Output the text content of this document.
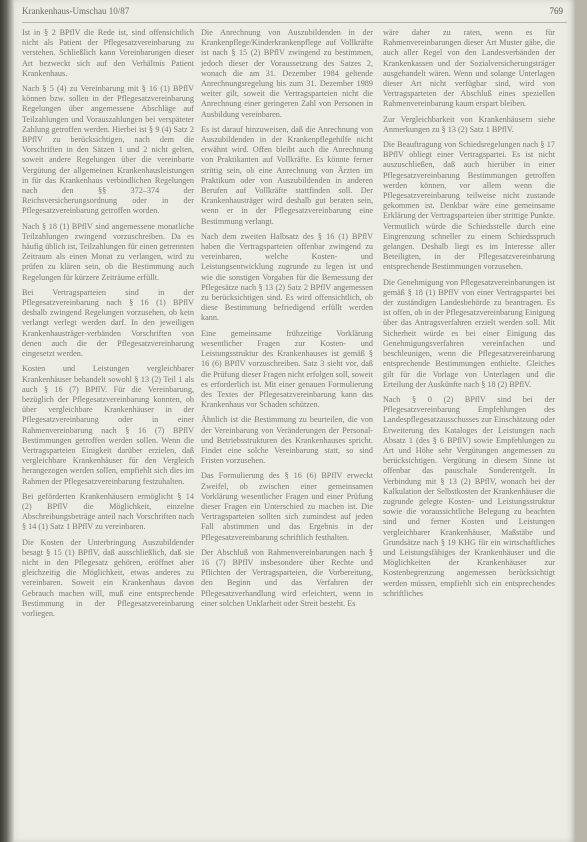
Krankenhaus-Umschau 10/87	769

Ist in § 2 BPflV die Rede ist, sind offensichtlich nicht als Patient der Pflegesatzvereinbarung zu verstehen. Schließlich kann Vereinbarungen dieser Art bezweckt sich auf den Verhältnis Patient Krankenhaus.

Nach § 5 (4) zu Vereinbarung mit § 16 (1) BPflV können bzw. sollen in der Pflegesatzvereinbarung Regelungen über angemessene Abschläge auf Teilzahlungen und Vorauszahlungen bei verspäteter Zahlung getroffen werden. Hierbei ist § 9 (4) Satz 2 BPflV zu berücksichtigen, nach dem die Vorschriften in den Sätzen 1 und 2 nicht gelten, soweit andere Regelungen über die vereinbarte Vergütung der allgemeinen Krankenhausleistungen in für das Krankenhaus verbindlichen Regelungen nach den §§ 372–374 der Reichsversicherungsordnung oder in der Pflegesatzvereinbarung getroffen worden.

Nach § 18 (1) BPflV sind angemessene monatliche Teilzahlungen zwingend vorzuschreiben. Da es häufig üblich ist, Teilzahlungen für einen getrennten Zeitraum als einen Monat zu verlangen, wird zu prüfen zu klären sein, ob die Bestimmung auch Regelungen für kürzere Zeiträume erfüllt.

Bei Vertragsparteien sind in der Pflegesatzvereinbarung nach § 16 (1) BPflV deshalb zwingend Regelungen vorzusehen, ob kein verlangt verlegt werden darf. In den jeweiligen Krankenhausträger-verbänden Vorschriften von denen auch die der Pflegesatzvereinbarung eingesetzt werden.

Kosten und Leistungen vergleichbarer Krankenhäuser behandelt sowohl § 13 (2) Teil 1 als auch § 16 (7) BPflV. Für die Vereinbarung, bezüglich der Pflegesatzvereinbarung konnten, ob über vergleichbare Krankenhäuser in der Pflegesatzvereinbarung oder in einer Rahmenvereinbarung nach § 16 (7) BPflV Bestimmungen getroffen werden sollen. Wenn die Vertragsparteien Einigkeit darüber erzielen, daß vergleichbare Krankenhäuser für den Vergleich herangezogen werden sollen, empfiehlt sich dies im Rahmen der Pflegesatzvereinbarung festzuhalten.

Bei geförderten Krankenhäusern ermöglicht § 14 (2) BPflV die Möglichkeit, einzelne Abschreibungsbeträge anteil nach Vorschriften nach § 14 (1) Satz 1 BPflV zu vereinbaren.

Die Kosten der Unterbringung Auszubildender besagt § 15 (1) BPflV, daß ausschließlich, daß sie nicht in den Pflegesatz gehören, eröffnet aber gleichzeitig die Möglichkeit, etwas anderes zu vereinbaren. Soweit ein Krankenhaus davon Gebrauch machen will, muß eine entsprechende Bestimmung in der Pflegesatzvereinbarung vorliegen.

Die Anrechnung von Auszubildenden in der Krankenpflege/Kinderkrankenpflege auf Vollkräfte ist nach § 15 (2) BPflV zwingend zu bestimmen, jedoch dieser der Voraussetzung des Satzes 2, wonach die am 31. Dezember 1984 geltende Anrechnungsregelung bis zum 31. Dezember 1989 weiter gilt, soweit die Vertragsparteien nicht die Anrechnung einer geringeren Zahl von Personen in Ausbildung vereinbaren.

Es ist darauf hinzuweisen, daß die Anrechnung von Auszubildenden in der Krankenpflegehilfe nicht erwähnt wird. Offen bleibt auch die Anrechnung von Praktikanten auf Vollkräfte. Es könnte ferner strittig sein, ob eine Anrechnung von Ärzten im Praktikum oder von Auszubildenden in anderen Berufen auf Vollkräfte stattfinden soll. Der Krankenhausträger wird deshalb gut beraten sein, wenn er in der Pflegesatzvereinbarung eine Bestimmung verlangt.

Nach dem zweiten Halbsatz des § 16 (1) BPflV haben die Vertragsparteien offenbar zwingend zu vereinbaren, welche Kosten- und Leistungsentwicklung zugrunde zu legen ist und wie die sonstigen Vorgaben für die Bemessung der Pflegesätze nach § 13 (2) Satz 2 BPflV angemessen zu berücksichtigen sind. Es wird offensichtlich, ob diese Bestimmung befriedigend erfüllt werden kann.

Eine gemeinsame frühzeitige Vorklärung wesentlicher Fragen zur Kosten- und Leistungsstruktur des Krankenhauses ist gemäß § 16 (6) BPflV vorzuschreiben. Satz 3 sieht vor, daß die Prüfung dieser Fragen nicht erfolgen soll, soweit es erforderlich ist. Mit einer genauen Formulierung des Textes der Pflegesatzvereinbarung kann das Krankenhaus vor Schaden schützen.

Ähnlich ist die Bestimmung zu beurteilen, die von der Vereinbarung von Veränderungen der Personal- und Betriebsstrukturen des Krankenhauses spricht. Findet eine solche Vereinbarung statt, so sind Fristen vorzusehen.

Das Formulierung des § 16 (6) BPflV erweckt Zweifel, ob zwischen einer gemeinsamen Vorklärung wesentlicher Fragen und einer Prüfung dieser Fragen ein Unterschied zu machen ist. Die Vertragsparteien sollten sich zumindest auf jeden Fall abstimmen und das Ergebnis in der Pflegesatzvereinbarung schriftlich festhalten.

Der Abschluß von Rahmenvereinbarungen nach § 16 (7) BPflV insbesondere über Rechte und Pflichten der Vertragsparteien, die Vorbereitung, den Beginn und das Verfahren der Pflegesatzverhandlung wird erleichtert, wenn in einer solchen Unklarheit oder Streit besteht. Es

wäre daher zu raten, wenn es für Rahmenvereinbarungen dieser Art Muster gäbe, die auch aller Regel von den Landesverbänden der Krankenkassen und der Sozialversicherungsträger ausgehandelt wären. Wenn und solange Unterlagen dieser Art nicht verfügbar sind, wird von Vertragsparteien der Abschluß eines speziellen Rahmenvereinbarung kaum erspart bleiben.

Zur Vergleichbarkeit von Krankenhäusern siehe Anmerkungen zu § 13 (2) Satz 1 BPflV.

Die Beauftragung von Schiedsregelungen nach § 17 BPflV obliegt einer Vertragspartei. Es ist nicht auszuschließen, daß auch hierüber in einer Pflegesatzvereinbarung Bestimmungen getroffen werden können, vor allem wenn die Pflegesatzvereinbarung teilweise nicht zustande gekommen ist. Denkbar wäre eine gemeinsame Erklärung der Vertragsparteien über strittige Punkte. Vermutlich würde die Schiedsstelle durch eine Eingrenzung schneller zu einem Schiedsspruch gelangen. Deshalb liegt es im Interesse aller Beteiligten, in der Pflegesatzvereinbarung entsprechende Bestimmungen vorzusehen.

Die Genehmigung von Pflegesatzvereinbarungen ist gemäß § 18 (1) BPflV von einer Vertragspartei bei der zuständigen Landesbehörde zu beantragen. Es ist offen, ob in der Pflegesatzvereinbarung Einigung über das Antragsverfahren erzielt werden soll. Mit Sicherheit würde es bei einer Einigung das Genehmigungsverfahren vereinfachen und beschleunigen, wenn die Pflegesatzvereinbarung entsprechende Bestimmungen enthielte. Gleiches gilt für die Vorlage von Unterlagen und die Erteilung der Auskünfte nach § 18 (2) BPflV.

Nach § 0 (2) BPflV sind bei der Pflegesatzvereinbarung Empfehlungen des Landespflegesatzausschusses zur Einschätzung oder Erweiterung des Kataloges der Leistungen nach Absatz 1 (des § 6 BPflV) sowie Empfehlungen zu Art und Höhe sehr Vergütungen angemessen zu berücksichtigen. Vergütung in diesem Sinne ist offenbar das pauschale Sonderentgelt. In Verbindung mit § 13 (2) BPflV, wonach bei der Kalkulation der Selbstkosten der Krankenhäuser die zugrunde gelegte Kosten- und Leistungsstruktur sowie die voraussichtliche Belegung zu beachten sind und ferner Kosten und Leistungen vergleichbarer Krankenhäuser, Maßstäbe und Grundsätze nach § 19 KHG für ein wirtschaftliches und Leistungsfähiges der Krankenhäuser und die Möglichkeiten der Krankenhäuser zur Kostenbegrenzung angemessen berücksichtigt werden müssen, empfiehlt sich ein entsprechendes schriftliches
